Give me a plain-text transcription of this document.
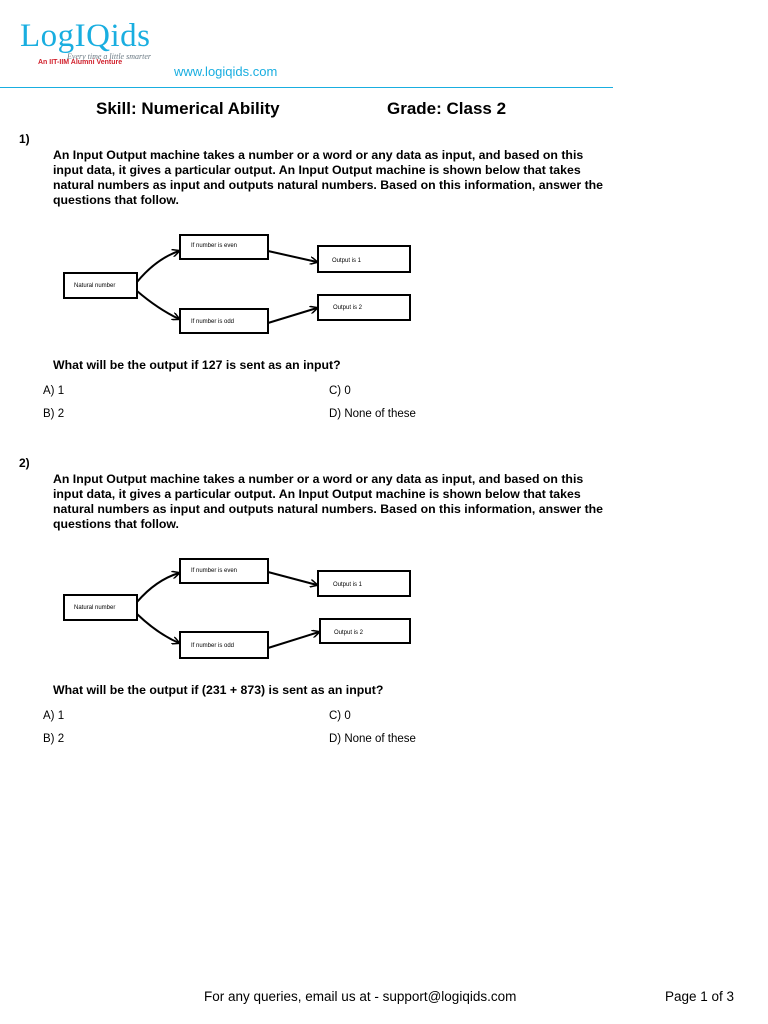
LogIQids
Every time a little smarter
An IIT-IIM Alumni Venture
www.logiqids.com
Skill: Numerical Ability	Grade: Class 2
1)
An Input Output machine takes a number or a word or any data as input, and based on this input data, it gives a particular output. An Input Output machine is shown below that takes natural numbers as input and outputs natural numbers. Based on this information, answer the questions that follow.
Natural number
If number is even
If number is odd
Output is 1
Output is 2
What will be the output if 127 is sent as an input?
A) 1	C) 0
B) 2	D) None of these
2)
An Input Output machine takes a number or a word or any data as input, and based on this input data, it gives a particular output. An Input Output machine is shown below that takes natural numbers as input and outputs natural numbers. Based on this information, answer the questions that follow.
Natural number
If number is even
If number is odd
Output is 1
Output is 2
What will be the output if (231 + 873) is sent as an input?
A) 1	C) 0
B) 2	D) None of these
For any queries, email us at - support@logiqids.com	Page 1 of 3
